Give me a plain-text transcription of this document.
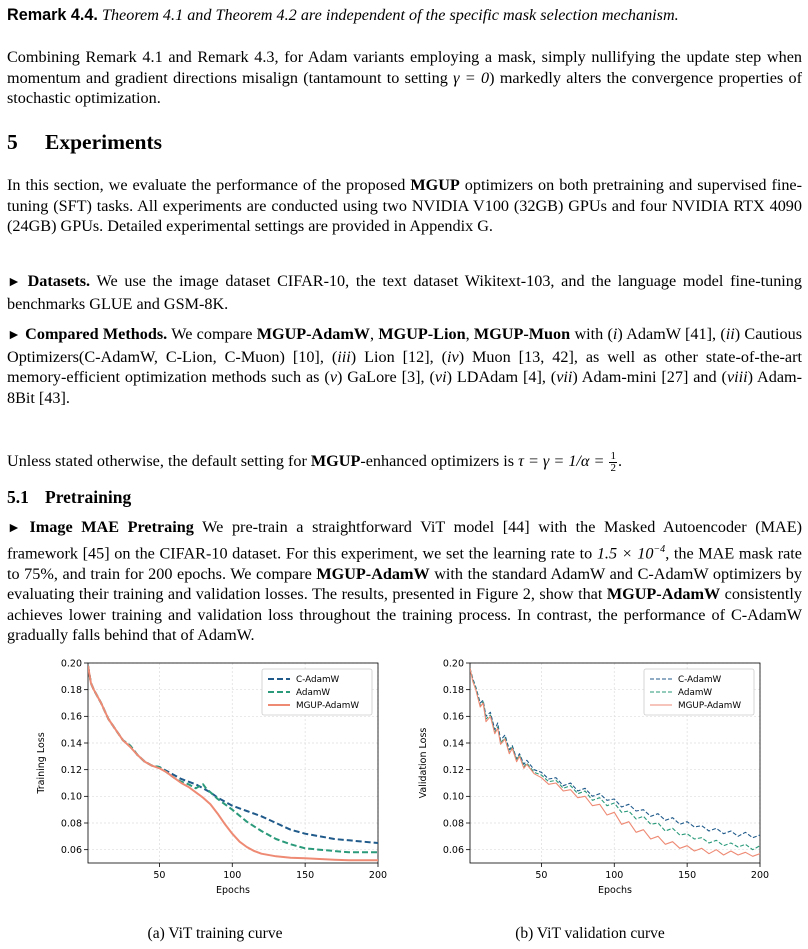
Remark 4.4. Theorem 4.1 and Theorem 4.2 are independent of the specific mask selection mechanism.

Combining Remark 4.1 and Remark 4.3, for Adam variants employing a mask, simply nullifying the update step when momentum and gradient directions misalign (tantamount to setting γ = 0) markedly alters the convergence properties of stochastic optimization.

5 Experiments

In this section, we evaluate the performance of the proposed MGUP optimizers on both pretraining and supervised fine-tuning (SFT) tasks. All experiments are conducted using two NVIDIA V100 (32GB) GPUs and four NVIDIA RTX 4090 (24GB) GPUs. Detailed experimental settings are provided in Appendix G.

► Datasets. We use the image dataset CIFAR-10, the text dataset Wikitext-103, and the language model fine-tuning benchmarks GLUE and GSM-8K.

► Compared Methods. We compare MGUP-AdamW, MGUP-Lion, MGUP-Muon with (i) AdamW [41], (ii) Cautious Optimizers(C-AdamW, C-Lion, C-Muon) [10], (iii) Lion [12], (iv) Muon [13, 42], as well as other state-of-the-art memory-efficient optimization methods such as (v) GaLore [3], (vi) LDAdam [4], (vii) Adam-mini [27] and (viii) Adam-8Bit [43].

Unless stated otherwise, the default setting for MGUP-enhanced optimizers is $\tau = \gamma = 1/\alpha = \frac{1}{2}$ .

5.1 Pretraining

► Image MAE Pretraing We pre-train a straightforward ViT model [44] with the Masked Autoencoder (MAE) framework [45] on the CIFAR-10 dataset. For this experiment, we set the learning rate to $1.5 \times 10^{-4}$, the MAE mask rate to 75%, and train for 200 epochs. We compare MGUP-AdamW with the standard AdamW and C-AdamW optimizers by evaluating their training and validation losses. The results, presented in Figure 2, show that MGUP-AdamW consistently achieves lower training and validation loss throughout the training process. In contrast, the performance of C-AdamW gradually falls behind that of AdamW.

50	100	150	200
0.06
0.08
0.10
0.12
0.14
0.16
0.18
0.20
Epochs
Training Loss
C-AdamW
AdamW
MGUP-AdamW
50	100	150	200
0.06
0.08
0.10
0.12
0.14
0.16
0.18
0.20
Epochs
Validation Loss
C-AdamW
AdamW
MGUP-AdamW
(a) ViT training curve	(b) ViT validation curve
